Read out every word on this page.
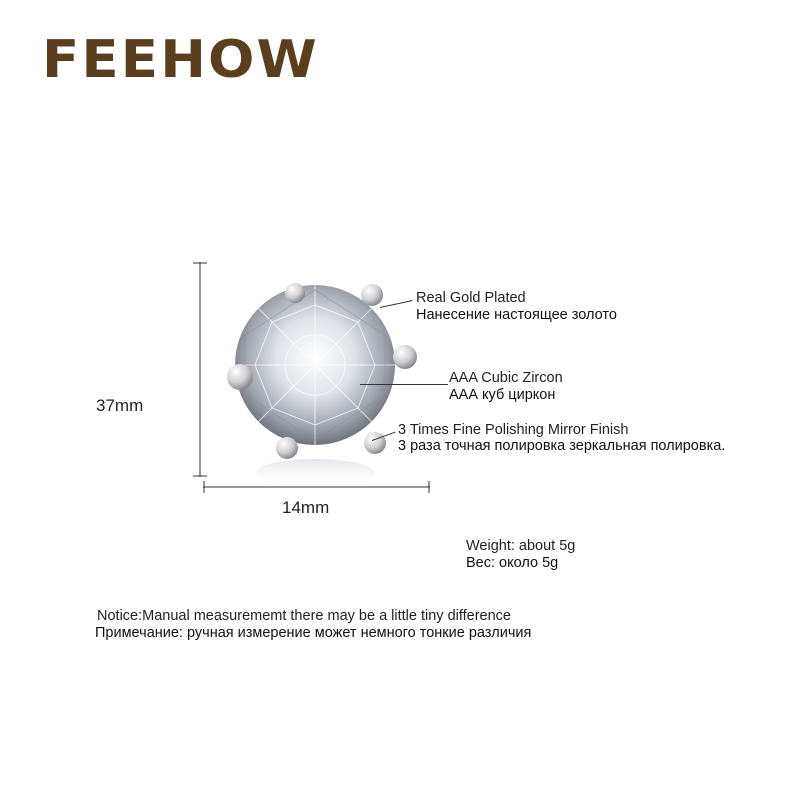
FEEHOW
37mm
14mm
Real Gold Plated
Нанесение настоящее золото
AAA Cubic Zircon
ААА куб циркон
3 Times Fine Polishing Mirror Finish
3 раза точная полировка зеркальная полировка.
Weight: about 5g
Вес: около 5g
Notice:Manual measurememt there may be a little tiny difference
Примечание: ручная измерение может немного тонкие различия
